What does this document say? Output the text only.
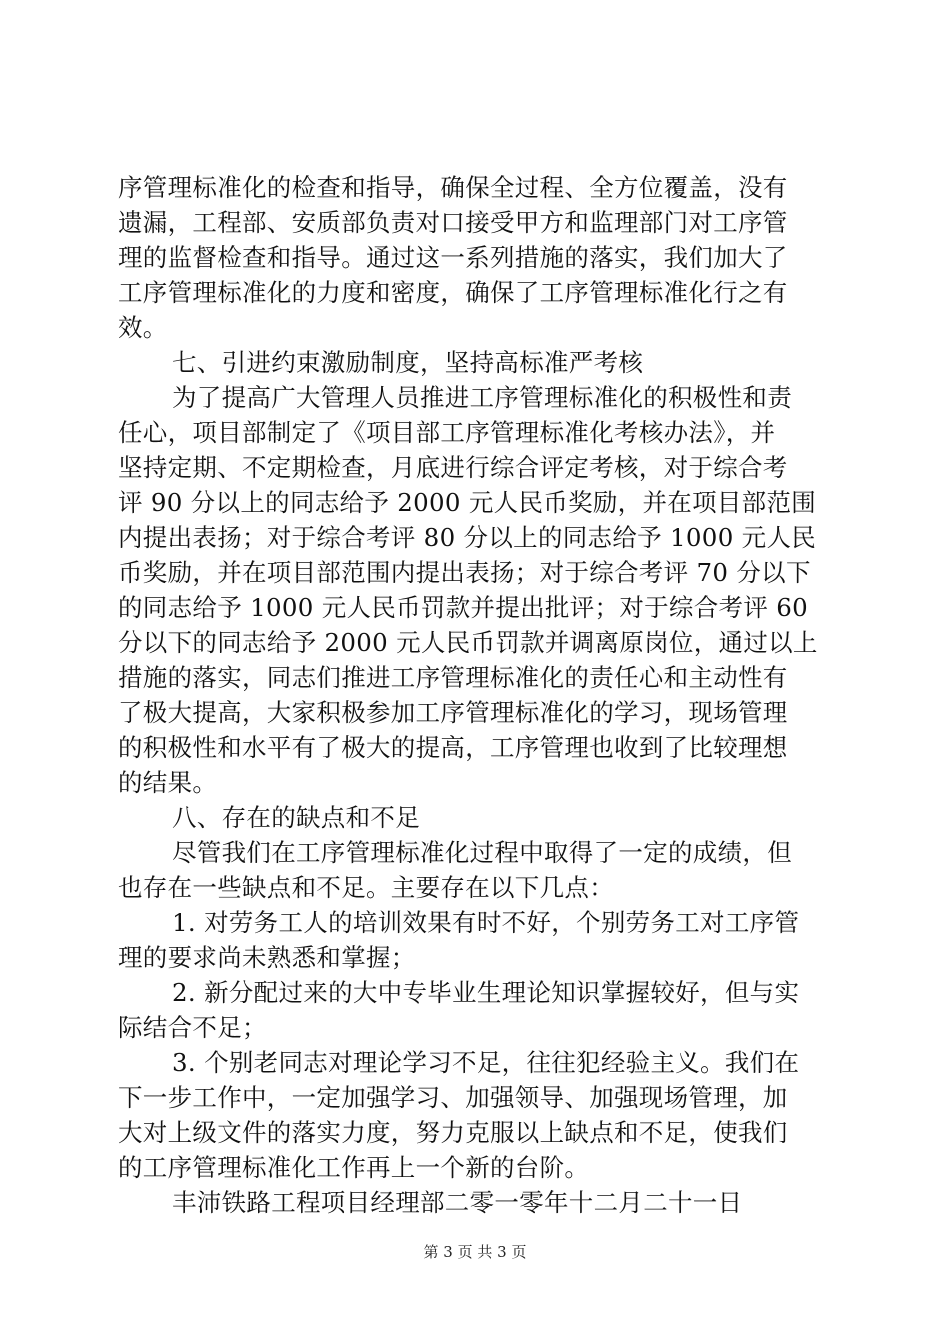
序管理标准化的检查和指导，确保全过程、全方位覆盖，没有
遗漏，工程部、安质部负责对口接受甲方和监理部门对工序管
理的监督检查和指导。通过这一系列措施的落实，我们加大了
工序管理标准化的力度和密度，确保了工序管理标准化行之有
效。
七、引进约束激励制度，坚持高标准严考核
为了提高广大管理人员推进工序管理标准化的积极性和责
任心，项目部制定了《项目部工序管理标准化考核办法》，并
坚持定期、不定期检查，月底进行综合评定考核，对于综合考
评 90 分以上的同志给予 2000 元人民币奖励，并在项目部范围
内提出表扬；对于综合考评 80 分以上的同志给予 1000 元人民
币奖励，并在项目部范围内提出表扬；对于综合考评 70 分以下
的同志给予 1000 元人民币罚款并提出批评；对于综合考评 60
分以下的同志给予 2000 元人民币罚款并调离原岗位，通过以上
措施的落实，同志们推进工序管理标准化的责任心和主动性有
了极大提高，大家积极参加工序管理标准化的学习，现场管理
的积极性和水平有了极大的提高，工序管理也收到了比较理想
的结果。
八、存在的缺点和不足
尽管我们在工序管理标准化过程中取得了一定的成绩，但
也存在一些缺点和不足。主要存在以下几点：
1. 对劳务工人的培训效果有时不好，个别劳务工对工序管
理的要求尚未熟悉和掌握；
2. 新分配过来的大中专毕业生理论知识掌握较好，但与实
际结合不足；
3. 个别老同志对理论学习不足，往往犯经验主义。我们在
下一步工作中，一定加强学习、加强领导、加强现场管理，加
大对上级文件的落实力度，努力克服以上缺点和不足，使我们
的工序管理标准化工作再上一个新的台阶。
丰沛铁路工程项目经理部二零一零年十二月二十一日
第 3 页 共 3 页
